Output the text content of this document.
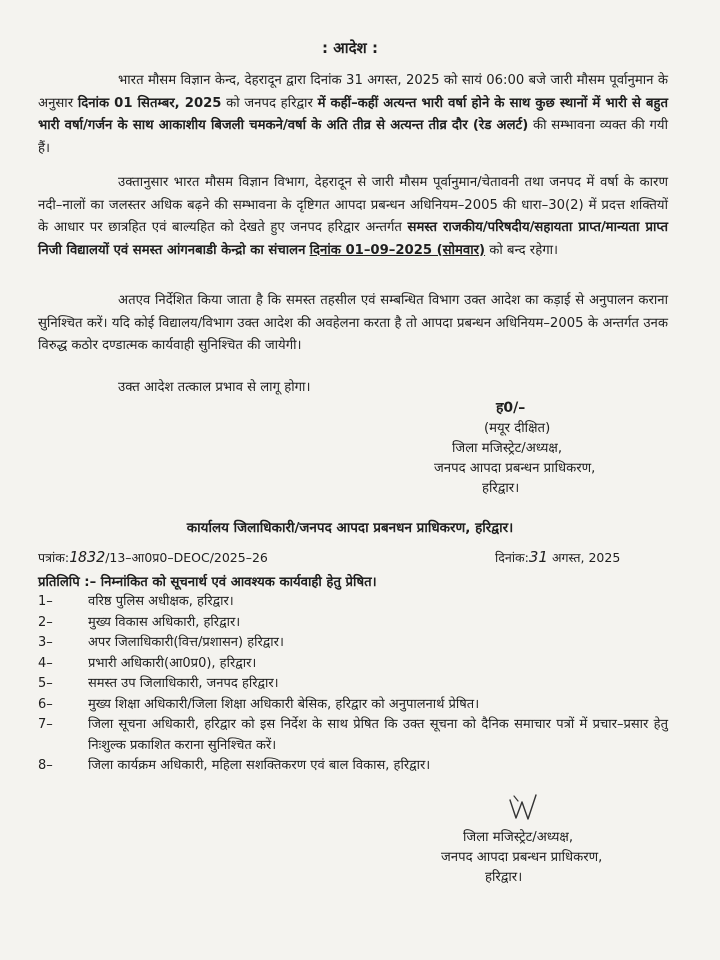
: आदेश :

भारत मौसम विज्ञान केन्द, देहरादून द्वारा दिनांक 31 अगस्त, 2025 को सायं 06:00 बजे जारी मौसम पूर्वानुमान के अनुसार दिनांक 01 सितम्बर, 2025 को जनपद हरिद्वार में कहीं–कहीं अत्यन्त भारी वर्षा होने के साथ कुछ स्थानों में भारी से बहुत भारी वर्षा/गर्जन के साथ आकाशीय बिजली चमकने/वर्षा के अति तीव्र से अत्यन्त तीव्र दौर (रेड अलर्ट) की सम्भावना व्यक्त की गयी हैं।

उक्तानुसार भारत मौसम विज्ञान विभाग, देहरादून से जारी मौसम पूर्वानुमान/चेतावनी तथा जनपद में वर्षा के कारण नदी–नालों का जलस्तर अधिक बढ़ने की सम्भावना के दृष्टिगत आपदा प्रबन्धन अधिनियम–2005 की धारा–30(2) में प्रदत्त शक्तियों के आधार पर छात्रहित एवं बाल्यहित को देखते हुए जनपद हरिद्वार अन्तर्गत समस्त राजकीय/परिषदीय/सहायता प्राप्त/मान्यता प्राप्त निजी विद्यालयों एवं समस्त आंगनबाडी केन्द्रो का संचालन दिनांक 01–09–2025 (सोमवार) को बन्द रहेगा।

अतएव निर्देशित किया जाता है कि समस्त तहसील एवं सम्बन्धित विभाग उक्त आदेश का कड़ाई से अनुपालन कराना सुनिश्चित करें। यदि कोई विद्यालय/विभाग उक्त आदेश की अवहेलना करता है तो आपदा प्रबन्धन अधिनियम–2005 के अन्तर्गत उनक विरुद्ध कठोर दण्डात्मक कार्यवाही सुनिश्चित की जायेगी।

उक्त आदेश तत्काल प्रभाव से लागू होगा।

ह0/–
(मयूर दीक्षित)
जिला मजिस्ट्रेट/अध्यक्ष,
जनपद आपदा प्रबन्धन प्राधिकरण,
हरिद्वार।
कार्यालय जिलाधिकारी/जनपद आपदा प्रबनधन प्राधिकरण, हरिद्वार।
पत्रांक:1832/13–आ0प्र0–DEOC/2025–26	दिनांक:31 अगस्त, 2025
प्रतिलिपि :– निम्नांकित को सूचनार्थ एवं आवश्यक कार्यवाही हेतु प्रेषित।
1–	वरिष्ठ पुलिस अधीक्षक, हरिद्वार।
2–	मुख्य विकास अधिकारी, हरिद्वार।
3–	अपर जिलाधिकारी(वित्त/प्रशासन) हरिद्वार।
4–	प्रभारी अधिकारी(आ0प्र0), हरिद्वार।
5–	समस्त उप जिलाधिकारी, जनपद हरिद्वार।
6–	मुख्य शिक्षा अधिकारी/जिला शिक्षा अधिकारी बेसिक, हरिद्वार को अनुपालनार्थ प्रेषित।
7–	जिला सूचना अधिकारी, हरिद्वार को इस निर्देश के साथ प्रेषित कि उक्त सूचना को दैनिक समाचार पत्रों में प्रचार–प्रसार हेतु निःशुल्क प्रकाशित कराना सुनिश्चित करें।
8–	जिला कार्यक्रम अधिकारी, महिला सशक्तिकरण एवं बाल विकास, हरिद्वार।
जिला मजिस्ट्रेट/अध्यक्ष,
जनपद आपदा प्रबन्धन प्राधिकरण,
हरिद्वार।
